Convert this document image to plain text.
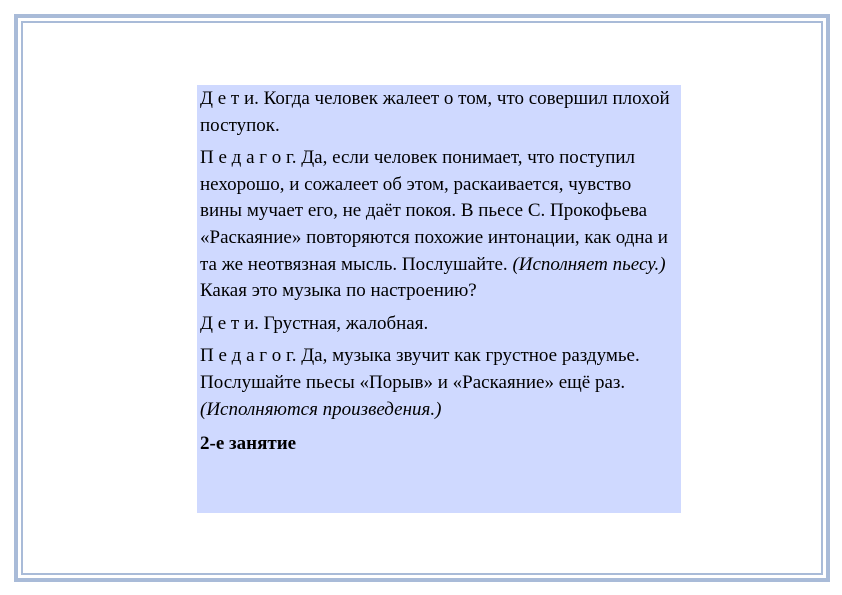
Д е т и. Когда человек жалеет о том, что совершил плохой поступок.

П е д а г о г. Да, если человек понимает, что поступил нехорошо, и сожалеет об этом, раскаивается, чувство вины мучает его, не даёт покоя. В пьесе С. Прокофьева «Раскаяние» повторяются похожие интонации, как одна и та же неотвязная мысль. Послушайте. (Исполняет пьесу.) Какая это музыка по настроению?

Д е т и. Грустная, жалобная.

П е д а г о г. Да, музыка звучит как грустное раздумье. Послушайте пьесы «Порыв» и «Раскаяние» ещё раз. (Исполняются произведения.)

2-е занятие
